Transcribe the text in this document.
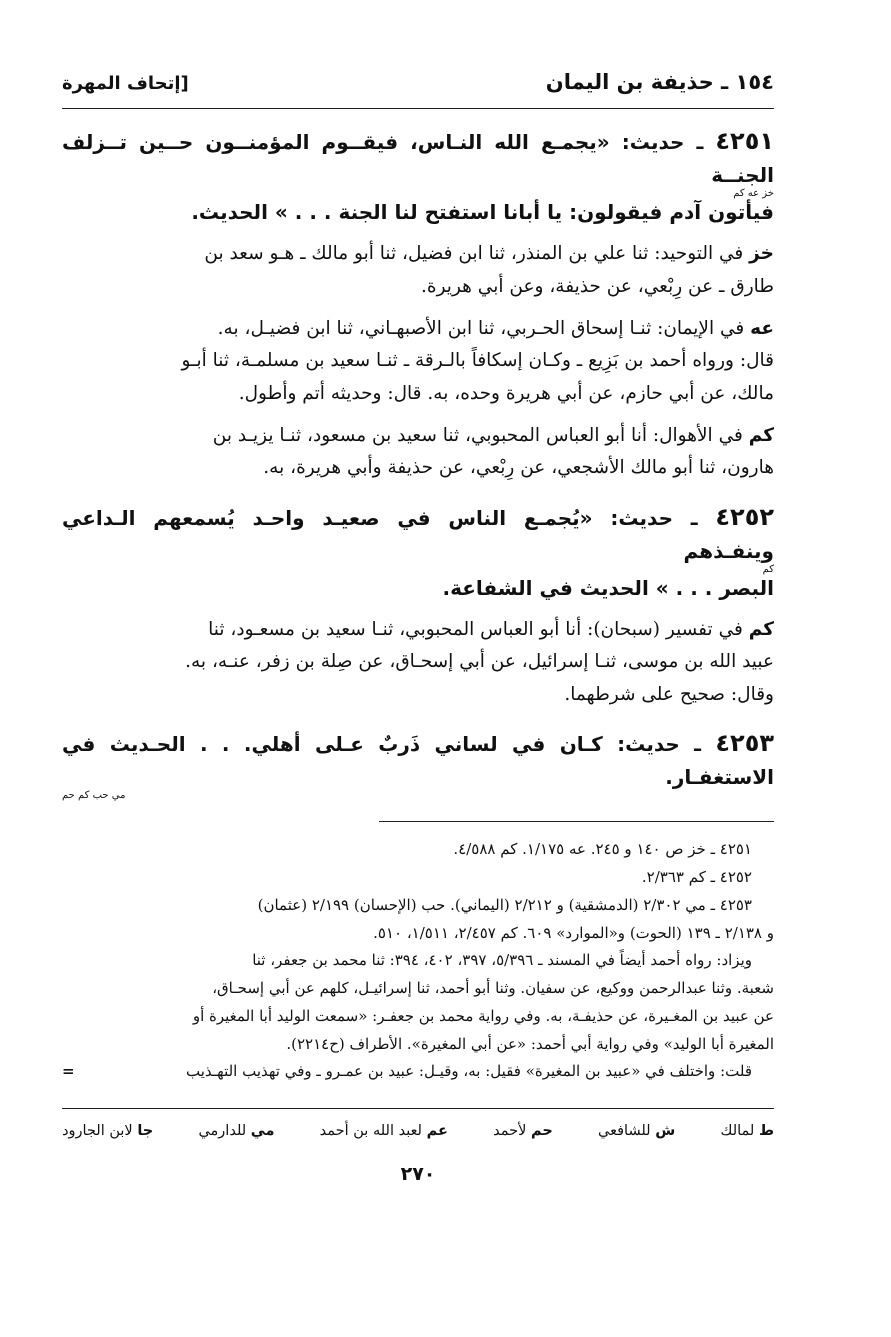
١٥٤ ـ حذيفة بن اليمان
[إتحاف المهرة
٤٢٥١ ـ حديث: «يجمـع الله النـاس، فيقــوم المؤمنــون حــين تــزلف الجنــة
خز عه كم
فيأتون آدم فيقولون: يا أبانا استفتح لنا الجنة . . . » الحديث.
خز في التوحيد: ثنا علي بن المنذر، ثنا ابن فضيل، ثنا أبو مالك ـ هـو سعد بن
طارق ـ عن رِبْعي، عن حذيفة، وعن أبي هريرة.
عه في الإيمان: ثنـا إسحاق الحـربي، ثنا ابن الأصبهـاني، ثنا ابن فضيـل، به.
قال: ورواه أحمد بن بَزِيع ـ وكـان إسكافاً بالـرقة ـ ثنـا سعيد بن مسلمـة، ثنا أبـو
مالك، عن أبي حازم، عن أبي هريرة وحده، به. قال: وحديثه أتم وأطول.
كم في الأهوال: أنا أبو العباس المحبوبي، ثنا سعيد بن مسعود، ثنـا يزيـد بن
هارون، ثنا أبو مالك الأشجعي، عن رِبْعي، عن حذيفة وأبي هريرة، به.
٤٢٥٢ ـ حديث: «يُجمـع الناس في صعيـد واحـد يُسمعهم الـداعي وينفـذهم
كم
البصر . . . » الحديث في الشفاعة.
كم في تفسير (سبحان): أنا أبو العباس المحبوبي، ثنـا سعيد بن مسعـود، ثنا
عبيد الله بن موسى، ثنـا إسرائيل، عن أبي إسحـاق، عن صِلة بن زفر، عنـه، به.
وقال: صحيح على شرطهما.
٤٢٥٣ ـ حديث: كـان في لساني ذَربٌ عـلى أهلي. . . الحـديث في الاستغفـار.
مي حب كم حم
٤٢٥١ ـ خز ص ١٤٠ و ٢٤٥. عه ١/١٧٥. كم ٤/٥٨٨.
٤٢٥٢ ـ كم ٢/٣٦٣.
٤٢٥٣ ـ مي ٢/٣٠٢ (الدمشقية) و ٢/٢١٢ (اليماني). حب (الإحسان) ٢/١٩٩ (عثمان)
و ٢/١٣٨ ـ ١٣٩ (الحوت) و«الموارد» ٦٠٩. كم ٢/٤٥٧، ١/٥١١، ٥١٠.
ويزاد: رواه أحمد أيضاً في المسند ـ ٥/٣٩٦، ٣٩٧، ٤٠٢، ٣٩٤: ثنا محمد بن جعفر، ثنا
شعبة. وثنا عبدالرحمن ووكيع، عن سفيان. وثنا أبو أحمد، ثنا إسرائيـل، كلهم عن أبي إسحـاق،
عن عبيد بن المغـيرة، عن حذيفـة، به. وفي رواية محمد بن جعفـر: «سمعت الوليد أبا المغيرة أو
المغيرة أبا الوليد» وفي رواية أبي أحمد: «عن أبي المغيرة». الأطراف (ح٢٢١٤).
=	قلت: واختلف في «عبيد بن المغيرة» فقيل: به، وقيـل: عبيد بن عمـرو ـ وفي تهذيب التهـذيب
ط لمالك
ش للشافعي
حم لأحمد
عم لعبد الله بن أحمد
مي للدارمي
جا لابن الجارود
٢٧٠
